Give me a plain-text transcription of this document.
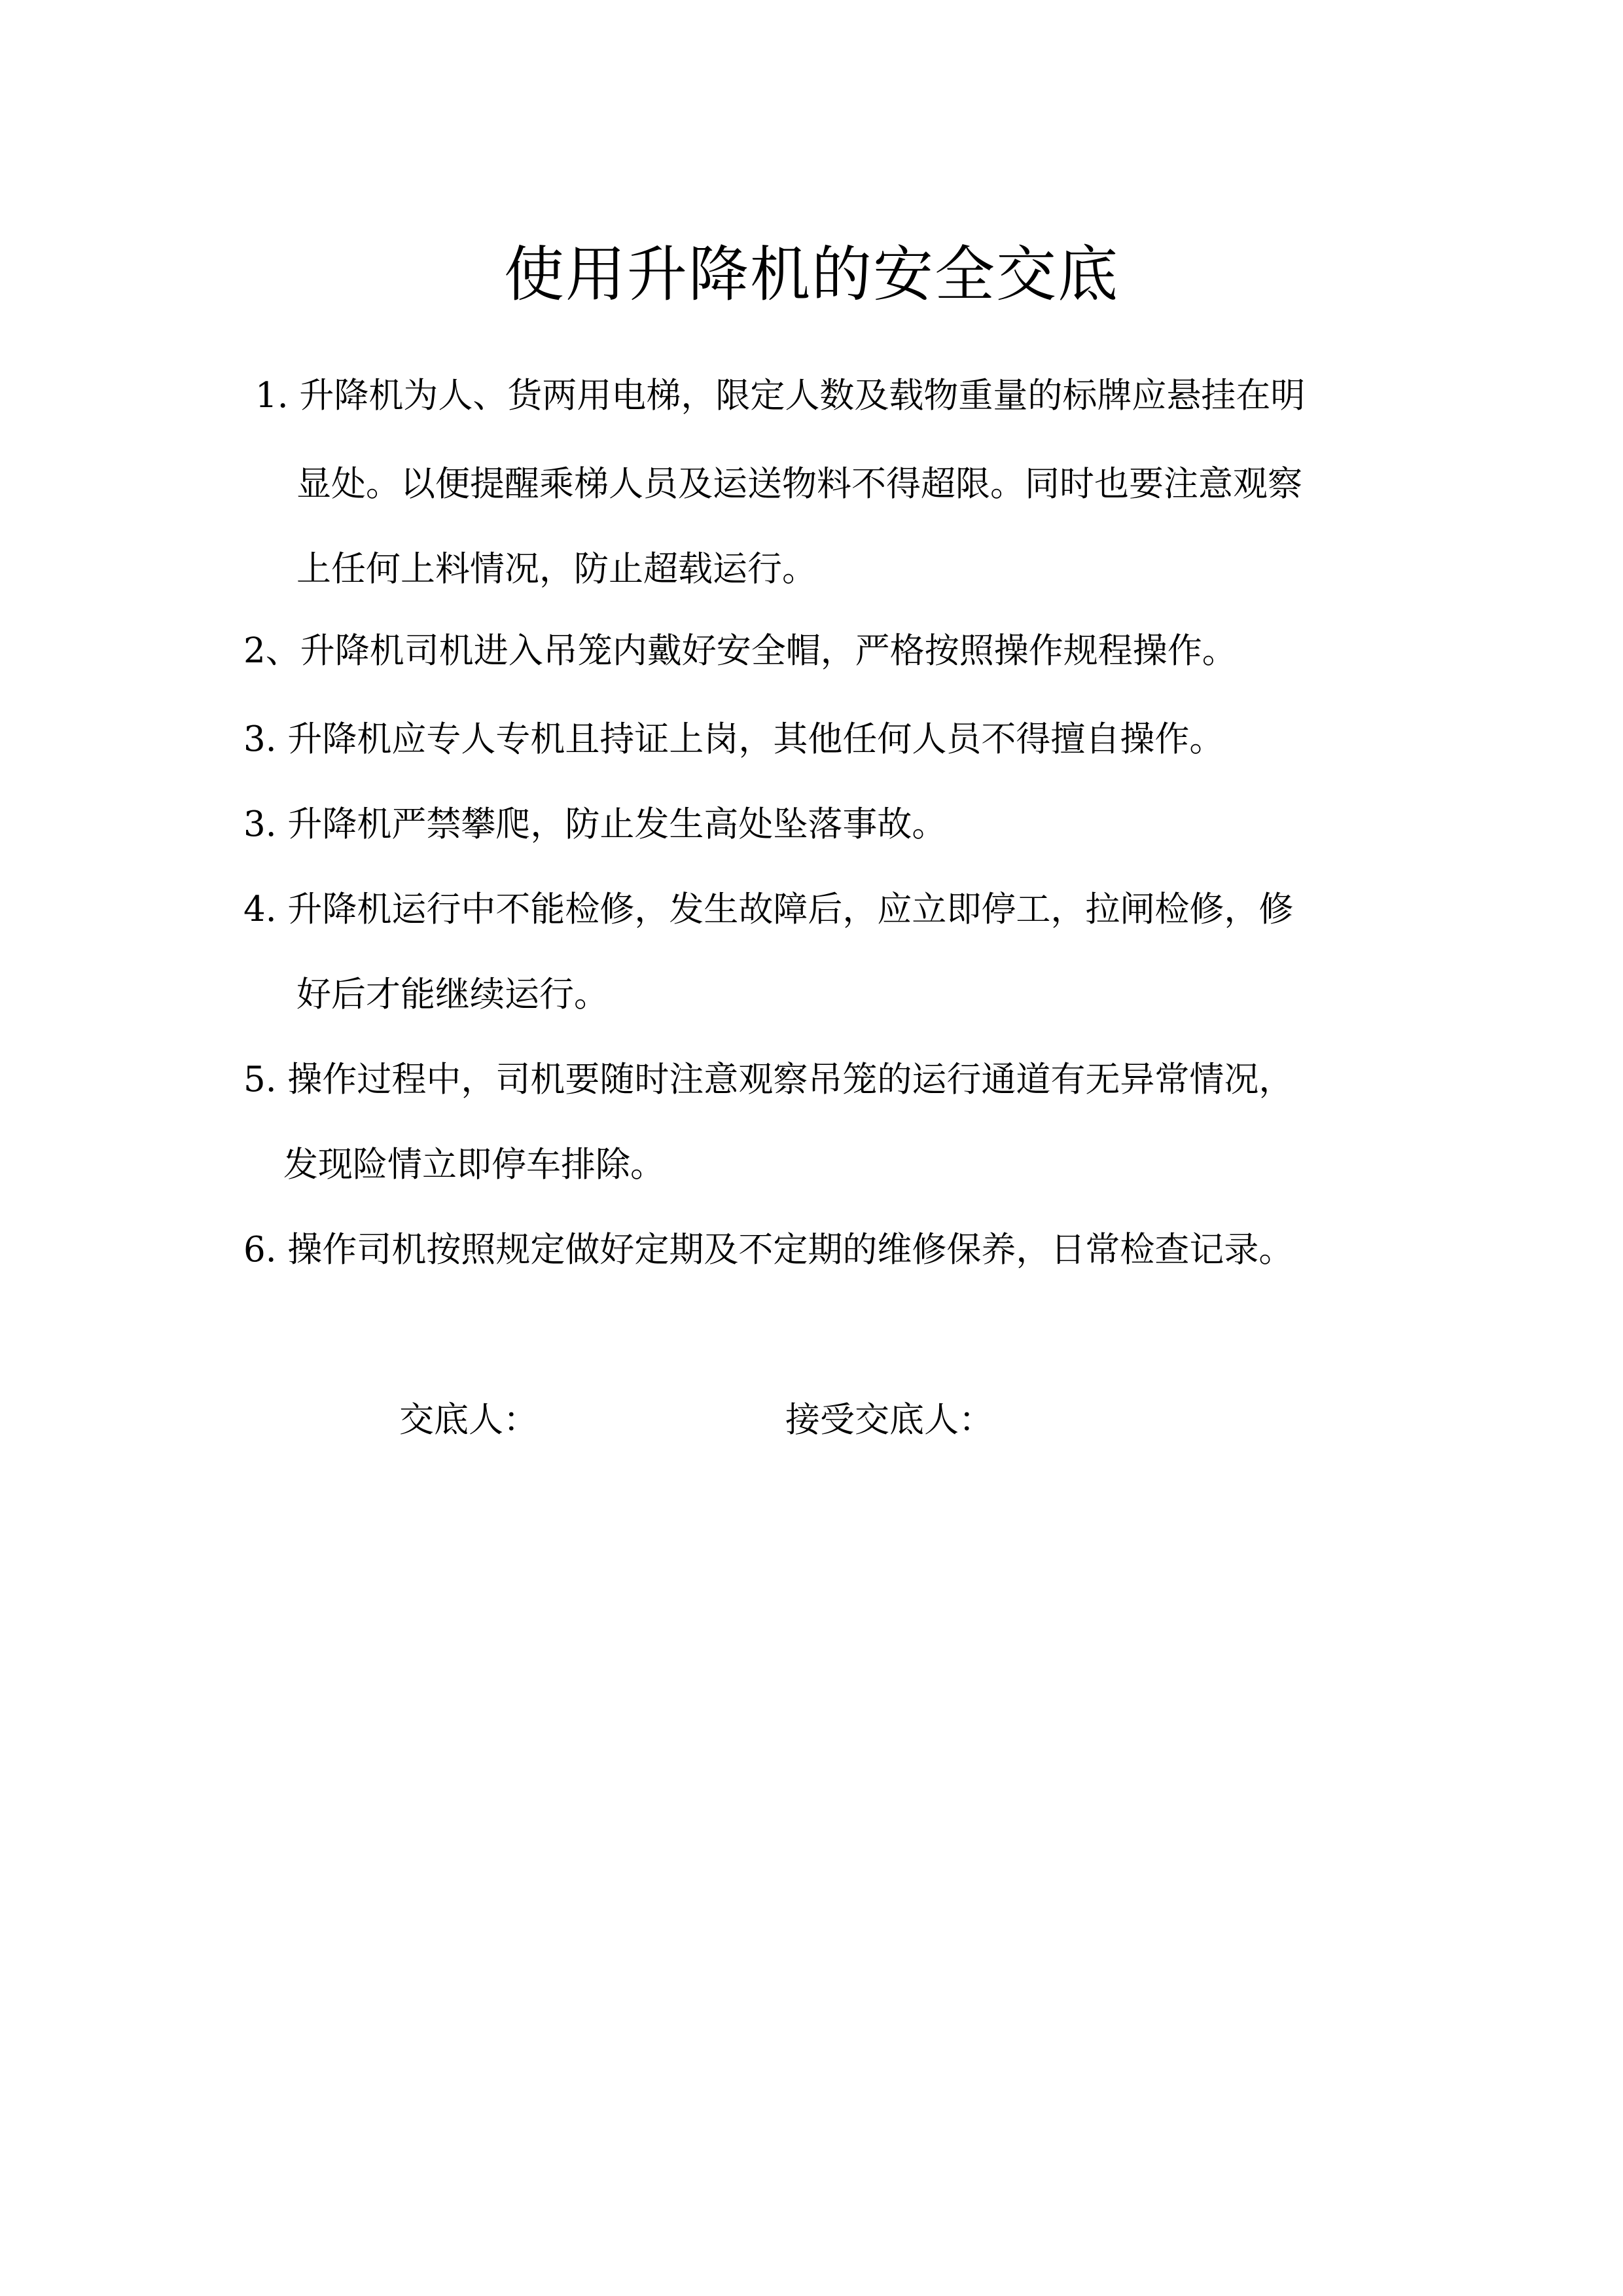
使用升降机的安全交底
1. 升降机为人、货两用电梯，限定人数及载物重量的标牌应悬挂在明
显处。以便提醒乘梯人员及运送物料不得超限。同时也要注意观察
上任何上料情况，防止超载运行。
2、升降机司机进入吊笼内戴好安全帽，严格按照操作规程操作。
3. 升降机应专人专机且持证上岗，其他任何人员不得擅自操作。
3. 升降机严禁攀爬，防止发生高处坠落事故。
4. 升降机运行中不能检修，发生故障后，应立即停工，拉闸检修，修
好后才能继续运行。
5. 操作过程中，司机要随时注意观察吊笼的运行通道有无异常情况，
发现险情立即停车排除。
6. 操作司机按照规定做好定期及不定期的维修保养，日常检查记录。
交底人：	接受交底人：
